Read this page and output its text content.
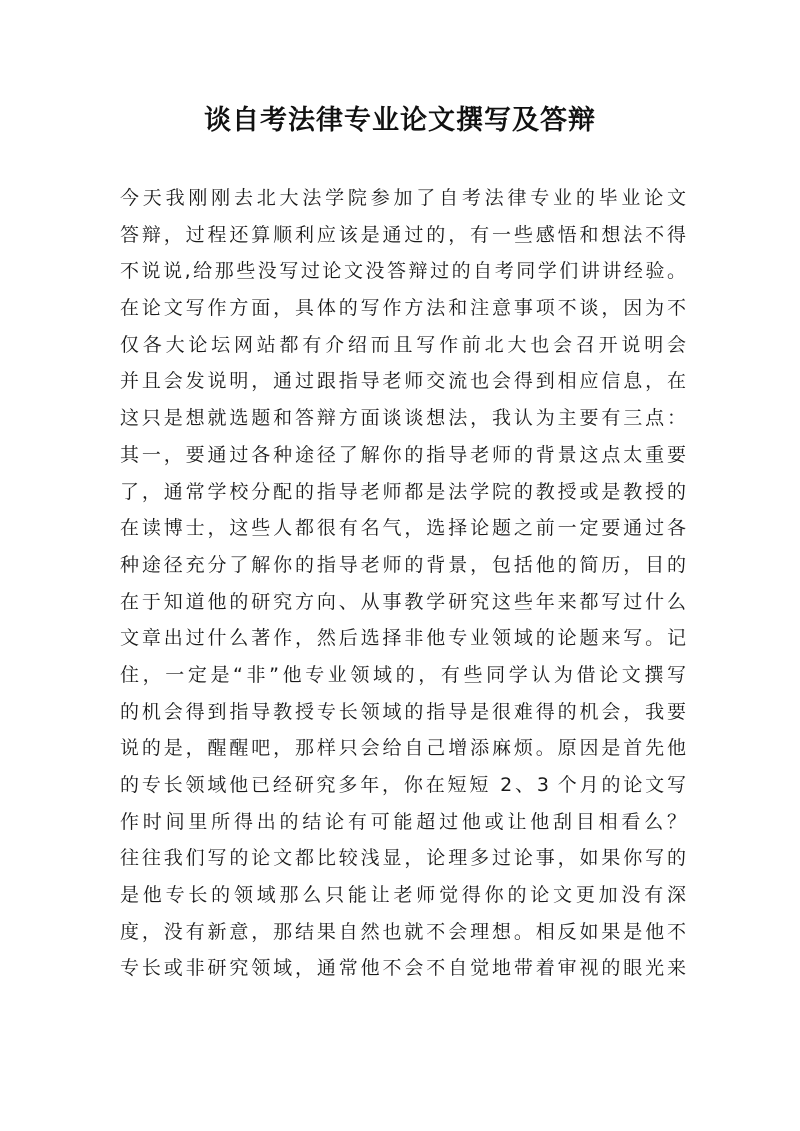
谈自考法律专业论文撰写及答辩
今天我刚刚去北大法学院参加了自考法律专业的毕业论文
答辩，过程还算顺利应该是通过的，有一些感悟和想法不得
不说说,给那些没写过论文没答辩过的自考同学们讲讲经验。
在论文写作方面，具体的写作方法和注意事项不谈，因为不
仅各大论坛网站都有介绍而且写作前北大也会召开说明会
并且会发说明，通过跟指导老师交流也会得到相应信息，在
这只是想就选题和答辩方面谈谈想法，我认为主要有三点：
其一，要通过各种途径了解你的指导老师的背景这点太重要
了，通常学校分配的指导老师都是法学院的教授或是教授的
在读博士，这些人都很有名气，选择论题之前一定要通过各
种途径充分了解你的指导老师的背景，包括他的简历，目的
在于知道他的研究方向、从事教学研究这些年来都写过什么
文章出过什么著作，然后选择非他专业领域的论题来写。记
住，一定是“非”他专业领域的，有些同学认为借论文撰写
的机会得到指导教授专长领域的指导是很难得的机会，我要
说的是，醒醒吧，那样只会给自己增添麻烦。原因是首先他
的专长领域他已经研究多年，你在短短 2、3 个月的论文写
作时间里所得出的结论有可能超过他或让他刮目相看么？
往往我们写的论文都比较浅显，论理多过论事，如果你写的
是他专长的领域那么只能让老师觉得你的论文更加没有深
度，没有新意，那结果自然也就不会理想。相反如果是他不
专长或非研究领域，通常他不会不自觉地带着审视的眼光来
